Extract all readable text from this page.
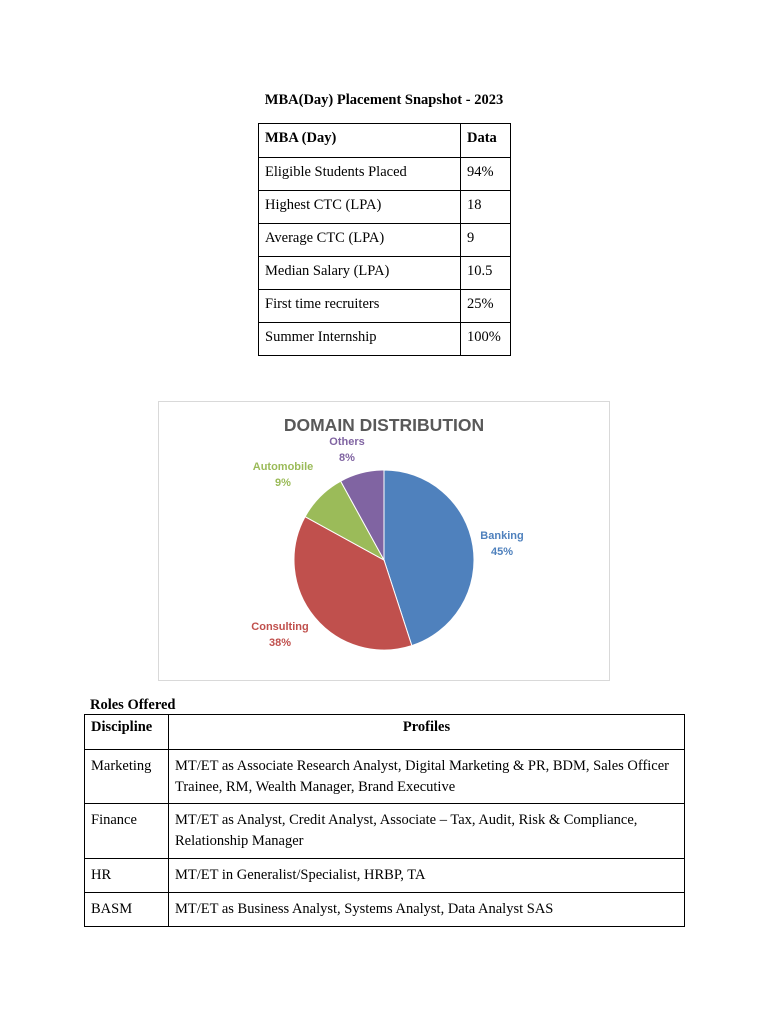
MBA(Day) Placement Snapshot - 2023
MBA (Day)	Data
Eligible Students Placed	94%
Highest CTC (LPA)	18
Average CTC (LPA)	9
Median Salary (LPA)	10.5
First time recruiters	25%
Summer Internship	100%
DOMAIN DISTRIBUTION
Banking
45%
Consulting
38%
Automobile
9%
Others
8%
Roles Offered
Discipline	Profiles
Marketing	MT/ET as Associate Research Analyst, Digital Marketing & PR, BDM, Sales Officer Trainee, RM, Wealth Manager, Brand Executive
Finance	MT/ET as Analyst, Credit Analyst, Associate – Tax, Audit, Risk & Compliance, Relationship Manager
HR	MT/ET in Generalist/Specialist, HRBP, TA
BASM	MT/ET as Business Analyst, Systems Analyst, Data Analyst SAS
